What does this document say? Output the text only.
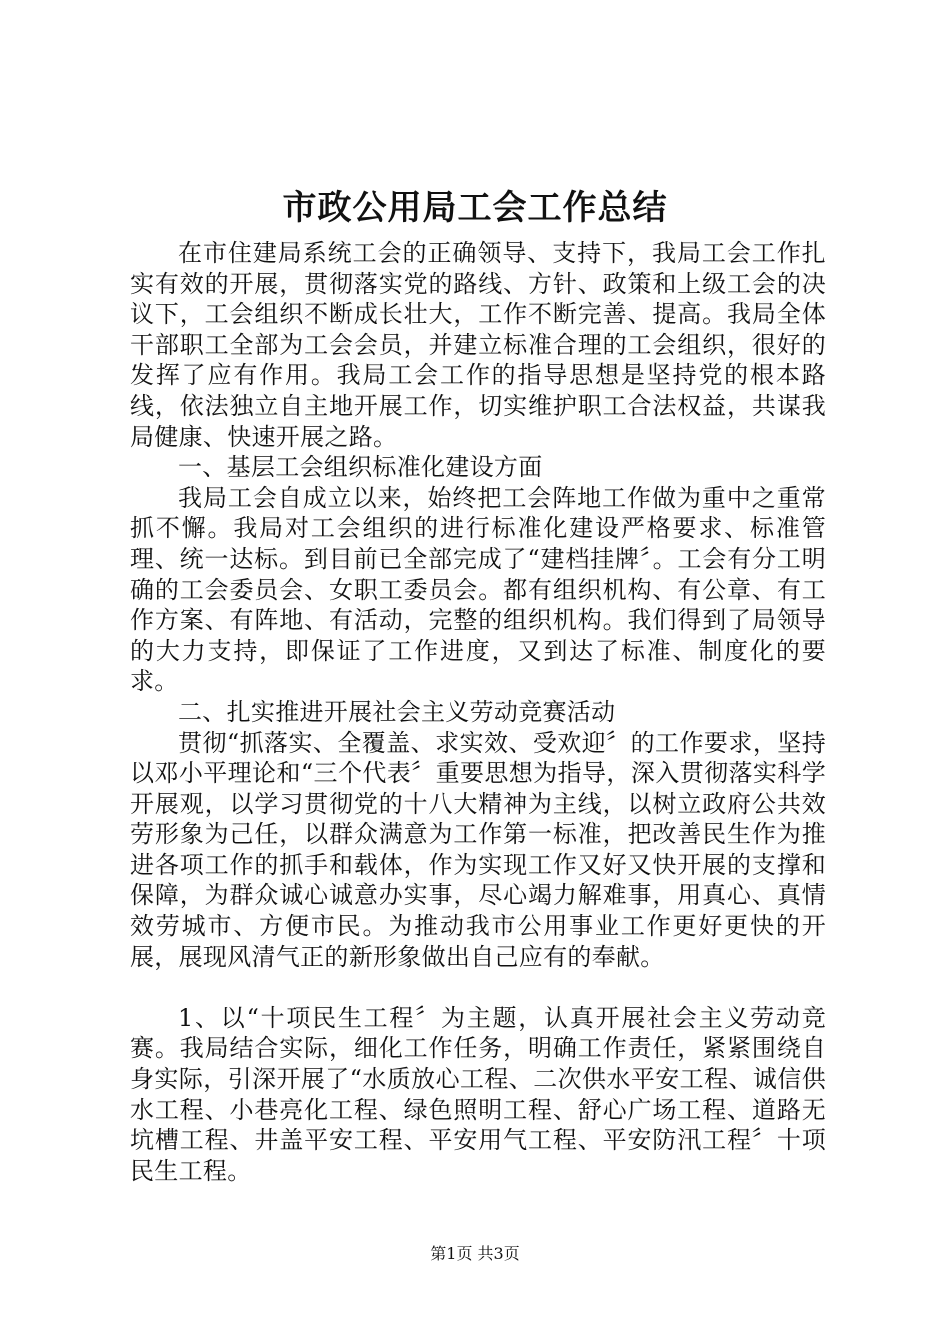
市政公用局工会工作总结

在市住建局系统工会的正确领导、支持下，我局工会工作扎实有效的开展，贯彻落实党的路线、方针、政策和上级工会的决议下，工会组织不断成长壮大，工作不断完善、提高。我局全体干部职工全部为工会会员，并建立标准合理的工会组织，很好的发挥了应有作用。我局工会工作的指导思想是坚持党的根本路线，依法独立自主地开展工作，切实维护职工合法权益，共谋我局健康、快速开展之路。

一、基层工会组织标准化建设方面

我局工会自成立以来，始终把工会阵地工作做为重中之重常抓不懈。我局对工会组织的进行标准化建设严格要求、标准管理、统一达标。到目前已全部完成了“建档挂牌〞。工会有分工明确的工会委员会、女职工委员会。都有组织机构、有公章、有工作方案、有阵地、有活动，完整的组织机构。我们得到了局领导的大力支持，即保证了工作进度，又到达了标准、制度化的要求。

二、扎实推进开展社会主义劳动竞赛活动

贯彻“抓落实、全覆盖、求实效、受欢迎〞的工作要求，坚持以邓小平理论和“三个代表〞重要思想为指导，深入贯彻落实科学开展观，以学习贯彻党的十八大精神为主线，以树立政府公共效劳形象为己任，以群众满意为工作第一标准，把改善民生作为推进各项工作的抓手和载体，作为实现工作又好又快开展的支撑和保障，为群众诚心诚意办实事，尽心竭力解难事，用真心、真情效劳城市、方便市民。为推动我市公用事业工作更好更快的开展，展现风清气正的新形象做出自己应有的奉献。

1、以“十项民生工程〞为主题，认真开展社会主义劳动竞赛。我局结合实际，细化工作任务，明确工作责任，紧紧围绕自身实际，引深开展了“水质放心工程、二次供水平安工程、诚信供水工程、小巷亮化工程、绿色照明工程、舒心广场工程、道路无坑槽工程、井盖平安工程、平安用气工程、平安防汛工程〞十项民生工程。

第1页 共3页
